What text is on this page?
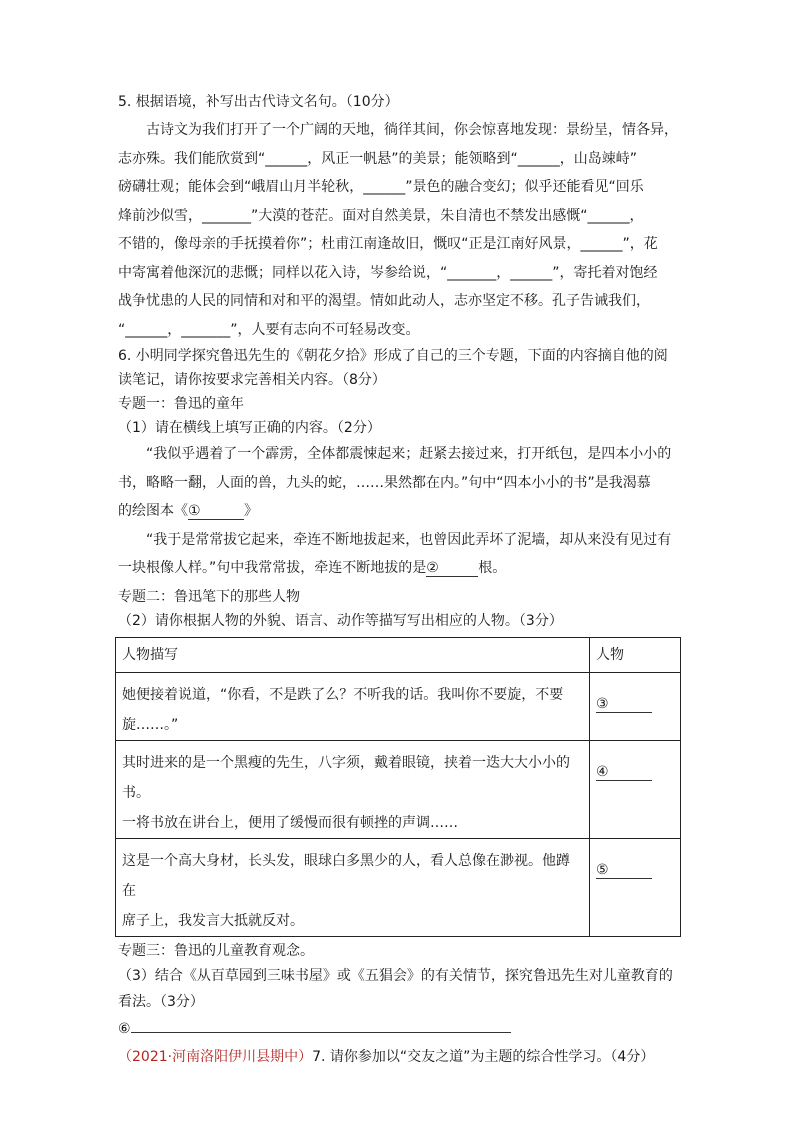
5. 根据语境，补写出古代诗文名句。（10分）
古诗文为我们打开了一个广阔的天地，徜徉其间，你会惊喜地发现：景纷呈，情各异，
志亦殊。我们能欣赏到“______，风正一帆悬”的美景；能领略到“______，山岛竦峙”
磅礴壮观；能体会到“峨眉山月半轮秋，______”景色的融合变幻；似乎还能看见“回乐
烽前沙似雪，_______”大漠的苍茫。面对自然美景，朱自清也不禁发出感慨“______，
不错的，像母亲的手抚摸着你”；杜甫江南逢故旧，慨叹“正是江南好风景，______”，花
中寄寓着他深沉的悲慨；同样以花入诗，岑参给说，“_______，______”，寄托着对饱经
战争忧患的人民的同情和对和平的渴望。情如此动人，志亦坚定不移。孔子告诫我们，
“______，_______”，人要有志向不可轻易改变。
6. 小明同学探究鲁迅先生的《朝花夕拾》形成了自己的三个专题，下面的内容摘自他的阅
读笔记，请你按要求完善相关内容。（8分）
专题一：鲁迅的童年
（1）请在横线上填写正确的内容。（2分）
“我似乎遇着了一个霹雳，全体都震悚起来；赶紧去接过来，打开纸包，是四本小小的
书，略略一翻，人面的兽，九头的蛇，……果然都在内。”句中“四本小小的书”是我渴慕
的绘图本《①	》
“我于是常常拔它起来，牵连不断地拔起来，也曾因此弄坏了泥墙，却从来没有见过有
一块根像人样。”句中我常常拔，牵连不断地拔的是②	根。
专题二：鲁迅笔下的那些人物
（2）请你根据人物的外貌、语言、动作等描写写出相应的人物。（3分）
人物描写	人物

她便接着说道，“你看，不是跌了么？不听我的话。我叫你不要旋，不要
旋……。”	③

其时进来的是一个黑瘦的先生，八字须，戴着眼镜，挟着一迭大大小小的书。
一将书放在讲台上，便用了缓慢而很有顿挫的声调……	④

这是一个高大身材，长头发，眼球白多黑少的人，看人总像在渺视。他蹲在
席子上，我发言大抵就反对。	⑤
专题三：鲁迅的儿童教育观念。
（3）结合《从百草园到三味书屋》或《五猖会》的有关情节，探究鲁迅先生对儿童教育的
看法。（3分）
⑥
（2021·河南洛阳伊川县期中）7. 请你参加以“交友之道”为主题的综合性学习。（4分）
